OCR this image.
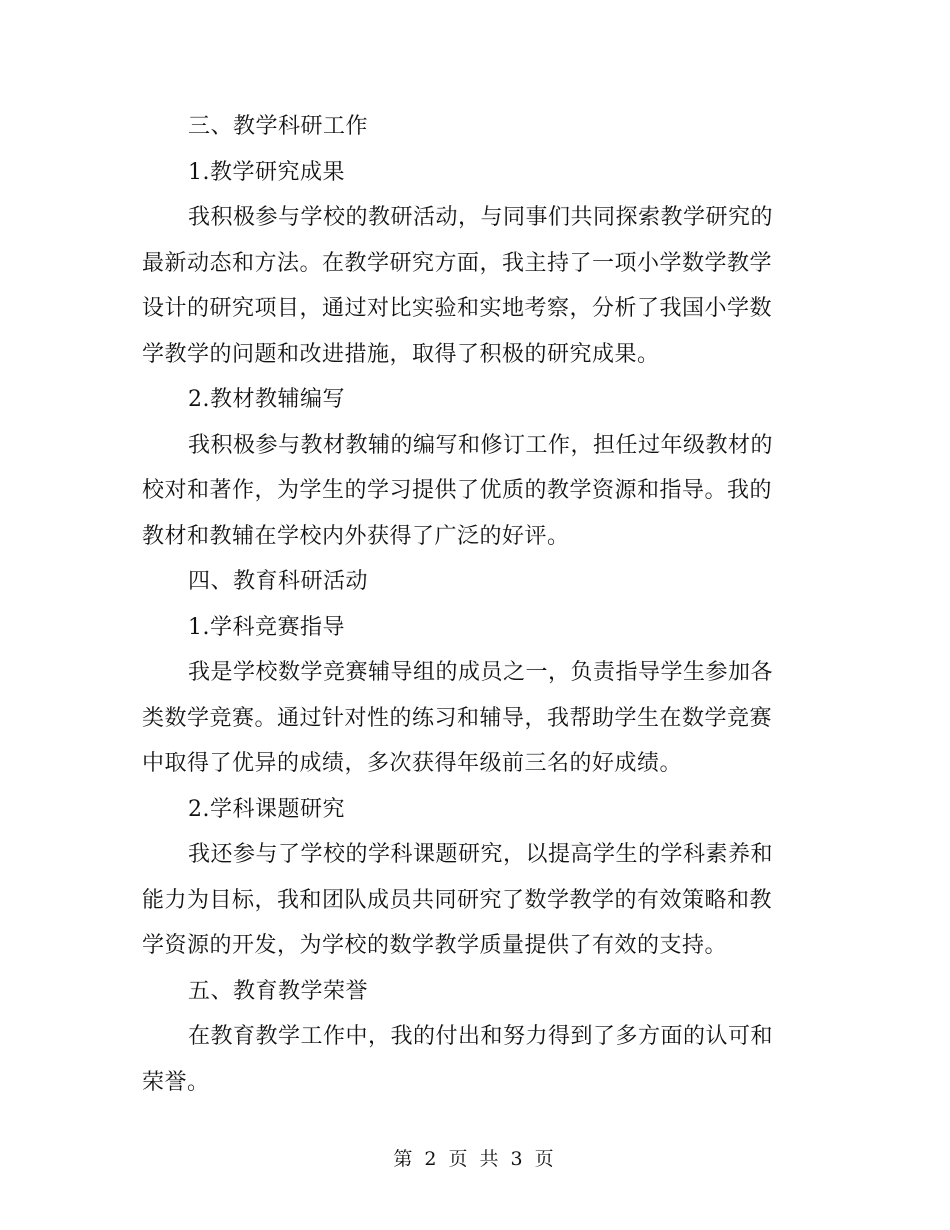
三、教学科研工作
1.教学研究成果
我积极参与学校的教研活动，与同事们共同探索教学研究的
最新动态和方法。在教学研究方面，我主持了一项小学数学教学
设计的研究项目，通过对比实验和实地考察，分析了我国小学数
学教学的问题和改进措施，取得了积极的研究成果。
2.教材教辅编写
我积极参与教材教辅的编写和修订工作，担任过年级教材的
校对和著作，为学生的学习提供了优质的教学资源和指导。我的
教材和教辅在学校内外获得了广泛的好评。
四、教育科研活动
1.学科竞赛指导
我是学校数学竞赛辅导组的成员之一，负责指导学生参加各
类数学竞赛。通过针对性的练习和辅导，我帮助学生在数学竞赛
中取得了优异的成绩，多次获得年级前三名的好成绩。
2.学科课题研究
我还参与了学校的学科课题研究，以提高学生的学科素养和
能力为目标，我和团队成员共同研究了数学教学的有效策略和教
学资源的开发，为学校的数学教学质量提供了有效的支持。
五、教育教学荣誉
在教育教学工作中，我的付出和努力得到了多方面的认可和
荣誉。
第 2 页 共 3 页
